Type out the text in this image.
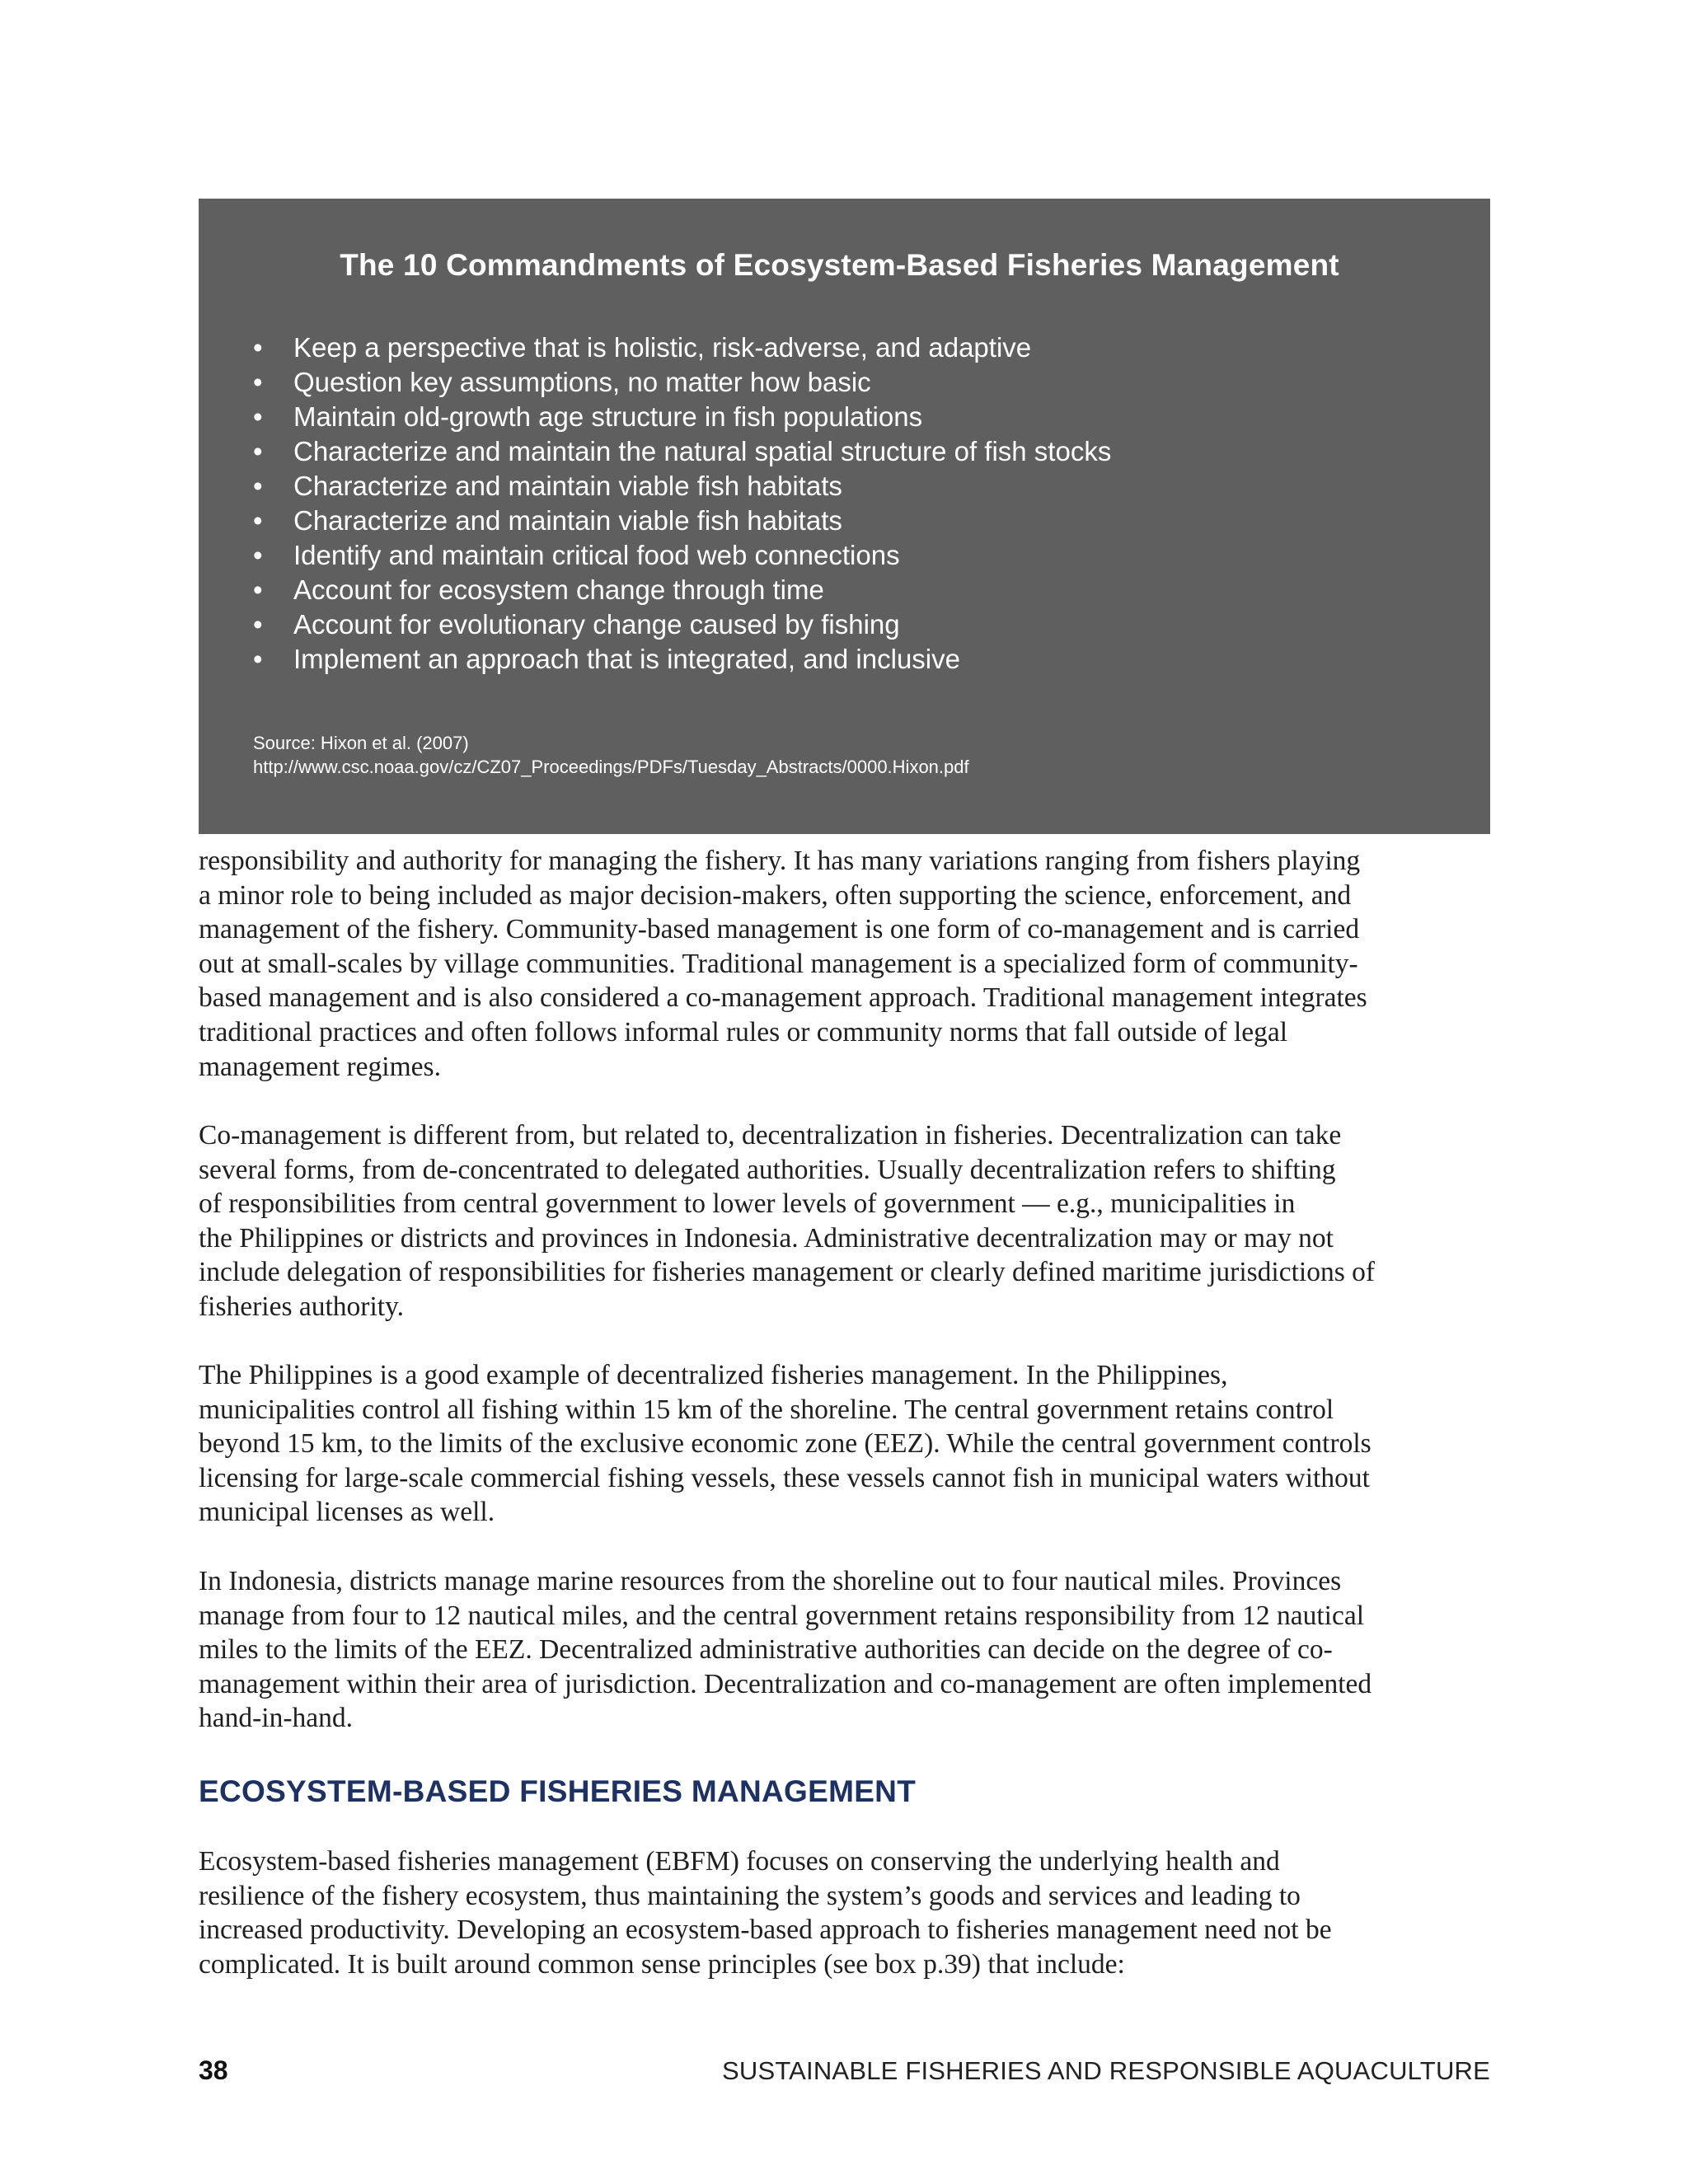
The 10 Commandments of Ecosystem-Based Fisheries Management
• Keep a perspective that is holistic, risk-adverse, and adaptive
• Question key assumptions, no matter how basic
• Maintain old-growth age structure in fish populations
• Characterize and maintain the natural spatial structure of fish stocks
• Characterize and maintain viable fish habitats
• Characterize and maintain viable fish habitats
• Identify and maintain critical food web connections
• Account for ecosystem change through time
• Account for evolutionary change caused by fishing
• Implement an approach that is integrated, and inclusive
Source: Hixon et al. (2007)
http://www.csc.noaa.gov/cz/CZ07_Proceedings/PDFs/Tuesday_Abstracts/0000.Hixon.pdf

responsibility and authority for managing the fishery. It has many variations ranging from fishers playing
a minor role to being included as major decision-makers, often supporting the science, enforcement, and
management of the fishery. Community-based management is one form of co-management and is carried
out at small-scales by village communities. Traditional management is a specialized form of community-
based management and is also considered a co-management approach. Traditional management integrates
traditional practices and often follows informal rules or community norms that fall outside of legal
management regimes.

Co-management is different from, but related to, decentralization in fisheries. Decentralization can take
several forms, from de-concentrated to delegated authorities. Usually decentralization refers to shifting
of responsibilities from central government to lower levels of government — e.g., municipalities in
the Philippines or districts and provinces in Indonesia. Administrative decentralization may or may not
include delegation of responsibilities for fisheries management or clearly defined maritime jurisdictions of
fisheries authority.

The Philippines is a good example of decentralized fisheries management. In the Philippines,
municipalities control all fishing within 15 km of the shoreline. The central government retains control
beyond 15 km, to the limits of the exclusive economic zone (EEZ). While the central government controls
licensing for large-scale commercial fishing vessels, these vessels cannot fish in municipal waters without
municipal licenses as well.

In Indonesia, districts manage marine resources from the shoreline out to four nautical miles. Provinces
manage from four to 12 nautical miles, and the central government retains responsibility from 12 nautical
miles to the limits of the EEZ. Decentralized administrative authorities can decide on the degree of co-
management within their area of jurisdiction. Decentralization and co-management are often implemented
hand-in-hand.

ECOSYSTEM-BASED FISHERIES MANAGEMENT

Ecosystem-based fisheries management (EBFM) focuses on conserving the underlying health and
resilience of the fishery ecosystem, thus maintaining the system’s goods and services and leading to
increased productivity. Developing an ecosystem-based approach to fisheries management need not be
complicated. It is built around common sense principles (see box p.39) that include:

38	SUSTAINABLE FISHERIES AND RESPONSIBLE AQUACULTURE
